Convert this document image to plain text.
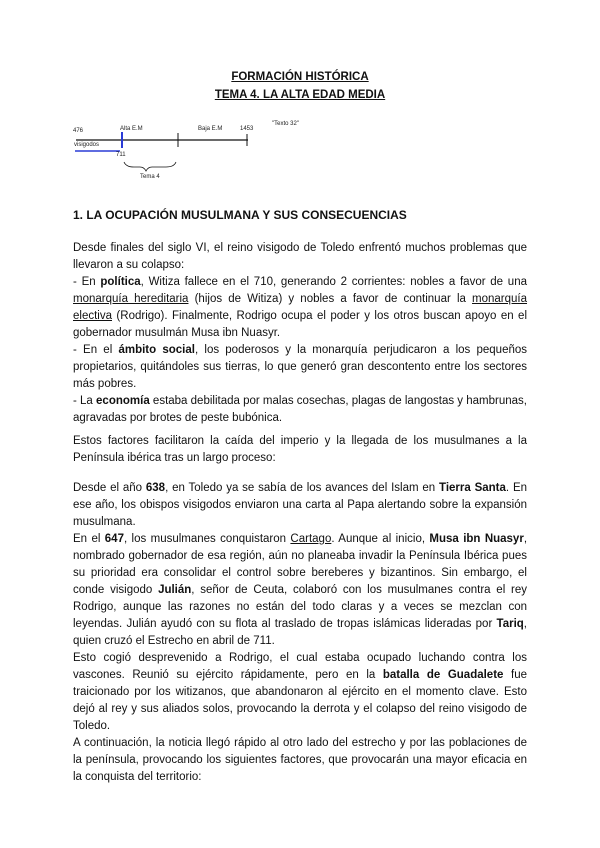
FORMACIÓN HISTÓRICA
TEMA 4. LA ALTA EDAD MEDIA
476
visigodos
Alta E.M	Baja E.M	1453
711
Tema 4
"Texto 32"
1. LA OCUPACIÓN MUSULMANA Y SUS CONSECUENCIAS
Desde finales del siglo VI, el reino visigodo de Toledo enfrentó muchos problemas que llevaron a su colapso:
- En política, Witiza fallece en el 710, generando 2 corrientes: nobles a favor de una monarquía hereditaria (hijos de Witiza) y nobles a favor de continuar la monarquía electiva (Rodrigo). Finalmente, Rodrigo ocupa el poder y los otros buscan apoyo en el gobernador musulmán Musa ibn Nuasyr.
- En el ámbito social, los poderosos y la monarquía perjudicaron a los pequeños propietarios, quitándoles sus tierras, lo que generó gran descontento entre los sectores más pobres.
- La economía estaba debilitada por malas cosechas, plagas de langostas y hambrunas, agravadas por brotes de peste bubónica.
Estos factores facilitaron la caída del imperio y la llegada de los musulmanes a la Península ibérica tras un largo proceso:
Desde el año 638, en Toledo ya se sabía de los avances del Islam en Tierra Santa. En ese año, los obispos visigodos enviaron una carta al Papa alertando sobre la expansión musulmana.
En el 647, los musulmanes conquistaron Cartago. Aunque al inicio, Musa ibn Nuasyr, nombrado gobernador de esa región, aún no planeaba invadir la Península Ibérica pues su prioridad era consolidar el control sobre bereberes y bizantinos. Sin embargo, el conde visigodo Julián, señor de Ceuta, colaboró con los musulmanes contra el rey Rodrigo, aunque las razones no están del todo claras y a veces se mezclan con leyendas. Julián ayudó con su flota al traslado de tropas islámicas lideradas por Tariq, quien cruzó el Estrecho en abril de 711.
Esto cogió desprevenido a Rodrigo, el cual estaba ocupado luchando contra los vascones. Reunió su ejército rápidamente, pero en la batalla de Guadalete fue traicionado por los witizanos, que abandonaron al ejército en el momento clave. Esto dejó al rey y sus aliados solos, provocando la derrota y el colapso del reino visigodo de Toledo.
A continuación, la noticia llegó rápido al otro lado del estrecho y por las poblaciones de la península, provocando los siguientes factores, que provocarán una mayor eficacia en la conquista del territorio:
